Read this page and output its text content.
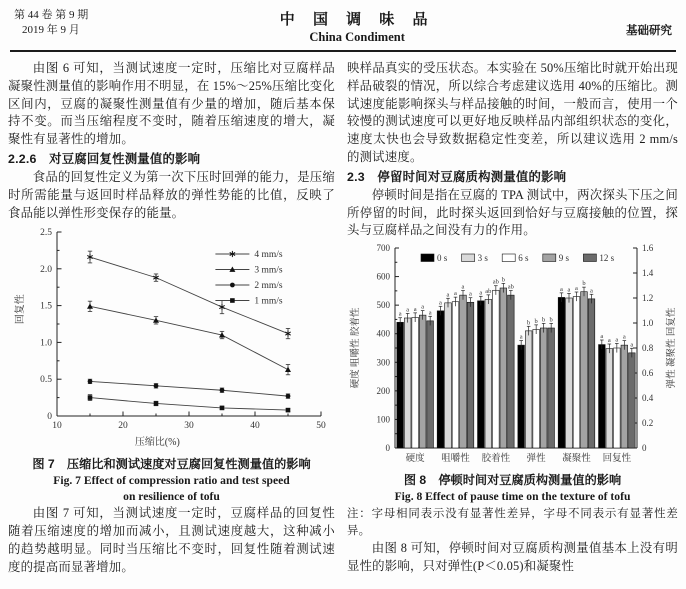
第 44 卷 第 9 期
2019 年 9 月
中 国 调 味 品
China Condiment	基础研究

由图 6 可知，当测试速度一定时，压缩比对豆腐样品凝聚性测量值的影响作用不明显，在 15%～25%压缩比变化区间内，豆腐的凝聚性测量值有少量的增加，随后基本保持不变。而当压缩程度不变时，随着压缩速度的增大，凝聚性有显著性的增加。

2.2.6　对豆腐回复性测量值的影响

食品的回复性定义为第一次下压时回弹的能力，是压缩时所需能量与返回时样品释放的弹性势能的比值，反映了食品能以弹性形变保存的能量。

0
0.5
1.0
1.5
2.0
2.5
10	20	30	40	50
压缩比(%)
回复性
4 mm/s
3 mm/s
2 mm/s
1 mm/s
图 7　压缩比和测试速度对豆腐回复性测量值的影响
Fig. 7 Effect of compression ratio and test speed
on resilience of tofu

由图 7 可知，当测试速度一定时，豆腐样品的回复性随着压缩速度的增加而减小，且测试速度越大，这种减小的趋势越明显。同时当压缩比不变时，回复性随着测试速度的提高而显著增加。

映样品真实的受压状态。本实验在 50%压缩比时就开始出现样品破裂的情况，所以综合考虑建议选用 40%的压缩比。测试速度能影响探头与样品接触的时间，一般而言，使用一个较慢的测试速度可以更好地反映样品内部组织状态的变化，速度太快也会导致数据稳定性变差，所以建议选用 2 mm/s 的测试速度。

2.3　停留时间对豆腐质构测量值的影响

停顿时间是指在豆腐的 TPA 测试中，两次探头下压之间所停留的时间，此时探头返回到恰好与豆腐接触的位置，探头与豆腐样品之间没有力的作用。

0
100
200
300
400
500
600
700
0
0.2
0.4
0.6
0.8
1.0
1.2
1.4
1.6
硬度 咀嚼性 胶着性	弹性 凝聚性 回复性
a
a a a
a
硬度
a
a a
a
a
咀嚼性
a ab
ab b
ab
胶着性
a
b b b b
弹性
a a a
b
a
凝聚性
a
a a a
a
回复性
0 s	3 s	6 s	9 s	12 s
图 8　停顿时间对豆腐质构测量值的影响
Fig. 8 Effect of pause time on the texture of tofu

注：字母相同表示没有显著性差异，字母不同表示有显著性差异。

由图 8 可知，停顿时间对豆腐质构测量值基本上没有明显性的影响，只对弹性(P＜0.05)和凝聚性
